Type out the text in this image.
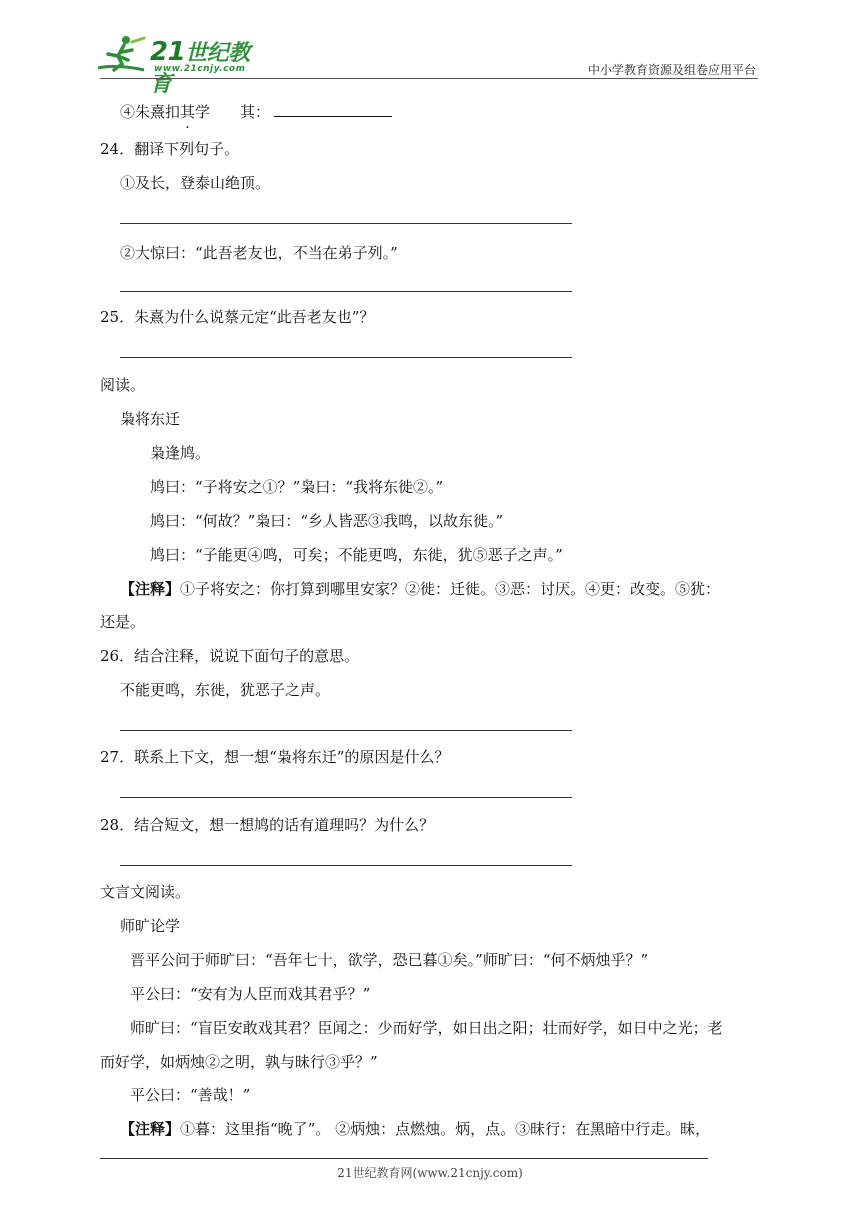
21世纪教育
www.21cnjy.com	中小学教育资源及组卷应用平台
④朱熹扣其学 其：
24．翻译下列句子。
①及长，登泰山绝顶。
②大惊曰：“此吾老友也，不当在弟子列。”
25．朱熹为什么说蔡元定“此吾老友也”？
阅读。
枭将东迁
枭逢鸠。
鸠曰：“子将安之①？”枭曰：“我将东徙②。”
鸠曰：“何故？”枭曰：“乡人皆恶③我鸣，以故东徙。”
鸠曰：“子能更④鸣，可矣；不能更鸣，东徙，犹⑤恶子之声。”
【注释】①子将安之：你打算到哪里安家？②徙：迁徙。③恶：讨厌。④更：改变。⑤犹：
还是。
26．结合注释，说说下面句子的意思。
不能更鸣，东徙，犹恶子之声。
27．联系上下文，想一想“枭将东迁”的原因是什么？
28．结合短文，想一想鸠的话有道理吗？为什么？
文言文阅读。
师旷论学
晋平公问于师旷曰：“吾年七十，欲学，恐已暮①矣。”师旷曰：“何不炳烛乎？”
平公曰：“安有为人臣而戏其君乎？”
师旷曰：“盲臣安敢戏其君？臣闻之：少而好学，如日出之阳；壮而好学，如日中之光；老
而好学，如炳烛②之明，孰与昧行③乎？”
平公曰：“善哉！”
【注释】①暮：这里指“晚了”。 ②炳烛：点燃烛。炳，点。③昧行：在黑暗中行走。昧，
21世纪教育网(www.21cnjy.com)
